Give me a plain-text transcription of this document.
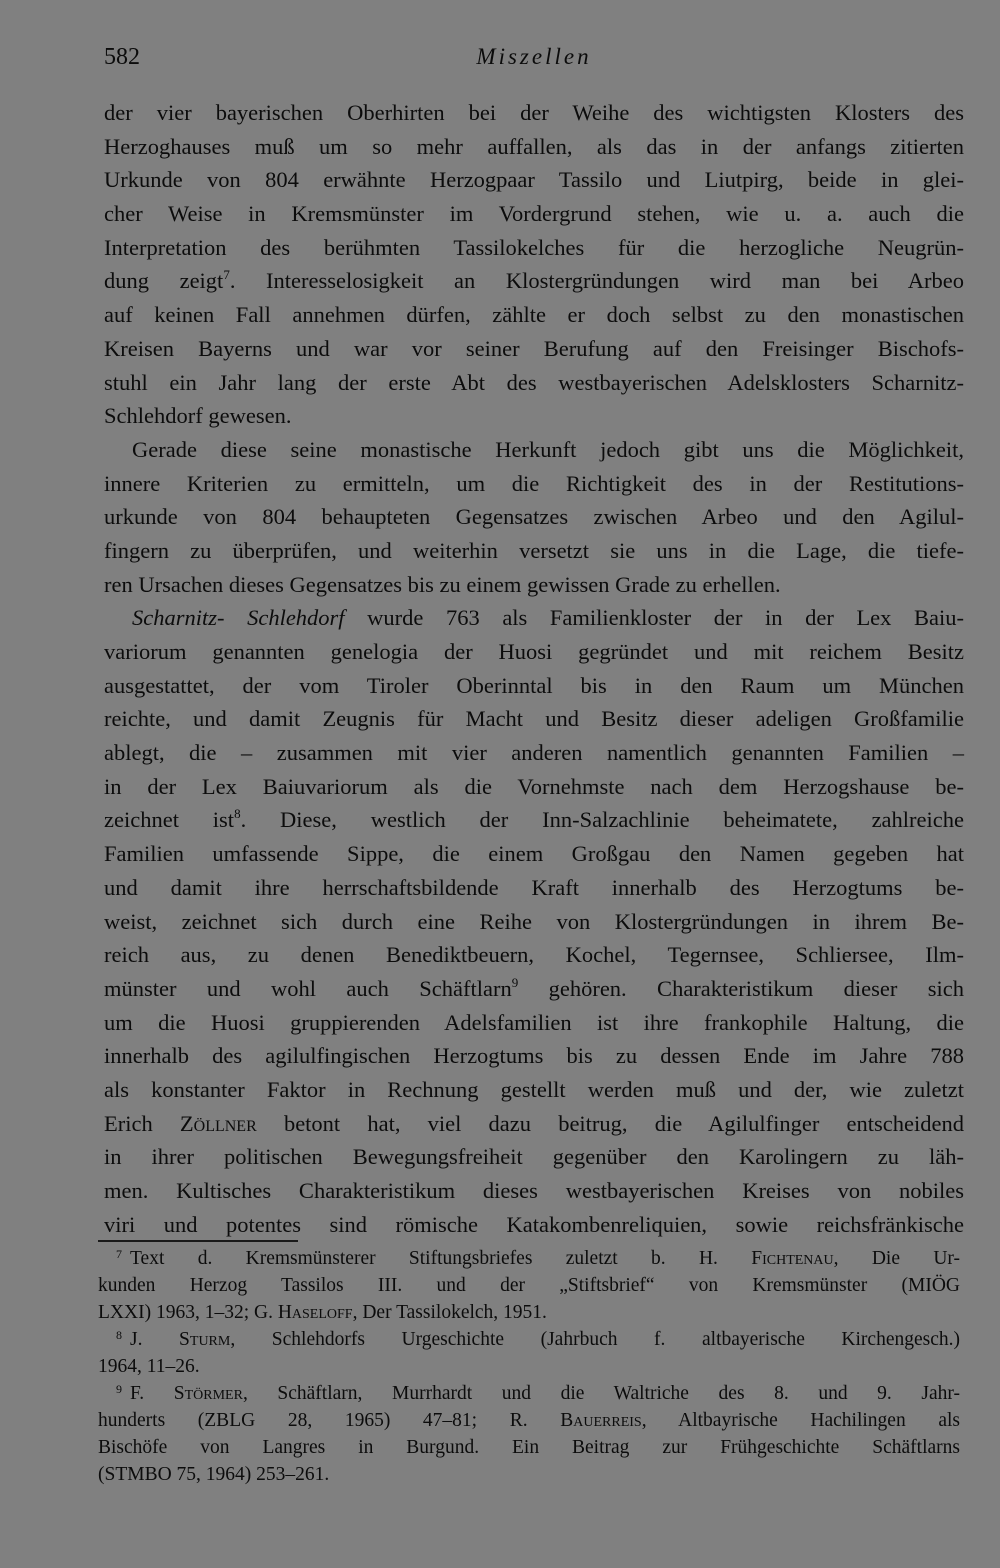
582	Miszellen
der vier bayerischen Oberhirten bei der Weihe des wichtigsten Klosters des
Herzoghauses muß um so mehr auffallen, als das in der anfangs zitierten
Urkunde von 804 erwähnte Herzogpaar Tassilo und Liutpirg, beide in glei-
cher Weise in Kremsmünster im Vordergrund stehen, wie u. a. auch die
Interpretation des berühmten Tassilokelches für die herzogliche Neugrün-
dung zeigt$^7$. Interesselosigkeit an Klostergründungen wird man bei Arbeo
auf keinen Fall annehmen dürfen, zählte er doch selbst zu den monastischen
Kreisen Bayerns und war vor seiner Berufung auf den Freisinger Bischofs-
stuhl ein Jahr lang der erste Abt des westbayerischen Adelsklosters Scharnitz-
Schlehdorf gewesen.
Gerade diese seine monastische Herkunft jedoch gibt uns die Möglichkeit,
innere Kriterien zu ermitteln, um die Richtigkeit des in der Restitutions-
urkunde von 804 behaupteten Gegensatzes zwischen Arbeo und den Agilul-
fingern zu überprüfen, und weiterhin versetzt sie uns in die Lage, die tiefe-
ren Ursachen dieses Gegensatzes bis zu einem gewissen Grade zu erhellen.
Scharnitz- Schlehdorf wurde 763 als Familienkloster der in der Lex Baiu-
variorum genannten genelogia der Huosi gegründet und mit reichem Besitz
ausgestattet, der vom Tiroler Oberinntal bis in den Raum um München
reichte, und damit Zeugnis für Macht und Besitz dieser adeligen Großfamilie
ablegt, die – zusammen mit vier anderen namentlich genannten Familien –
in der Lex Baiuvariorum als die Vornehmste nach dem Herzogshause be-
zeichnet ist$^8$. Diese, westlich der Inn-Salzachlinie beheimatete, zahlreiche
Familien umfassende Sippe, die einem Großgau den Namen gegeben hat
und damit ihre herrschaftsbildende Kraft innerhalb des Herzogtums be-
weist, zeichnet sich durch eine Reihe von Klostergründungen in ihrem Be-
reich aus, zu denen Benediktbeuern, Kochel, Tegernsee, Schliersee, Ilm-
münster und wohl auch Schäftlarn$^9$ gehören. Charakteristikum dieser sich
um die Huosi gruppierenden Adelsfamilien ist ihre frankophile Haltung, die
innerhalb des agilulfingischen Herzogtums bis zu dessen Ende im Jahre 788
als konstanter Faktor in Rechnung gestellt werden muß und der, wie zuletzt
Erich Zöllner betont hat, viel dazu beitrug, die Agilulfinger entscheidend
in ihrer politischen Bewegungsfreiheit gegenüber den Karolingern zu läh-
men. Kultisches Charakteristikum dieses westbayerischen Kreises von nobiles
viri und potentes sind römische Katakombenreliquien, sowie reichsfränkische
$^7$ Text d. Kremsmünsterer Stiftungsbriefes zuletzt b. H. Fichtenau, Die Ur-
kunden Herzog Tassilos III. und der „Stiftsbrief“ von Kremsmünster (MIÖG
LXXI) 1963, 1–32; G. Haseloff, Der Tassilokelch, 1951.
$^8$ J. Sturm, Schlehdorfs Urgeschichte (Jahrbuch f. altbayerische Kirchengesch.)
1964, 11–26.
$^9$ F. Störmer, Schäftlarn, Murrhardt und die Waltriche des 8. und 9. Jahr-
hunderts (ZBLG 28, 1965) 47–81; R. Bauerreis, Altbayrische Hachilingen als
Bischöfe von Langres in Burgund. Ein Beitrag zur Frühgeschichte Schäftlarns
(STMBO 75, 1964) 253–261.
